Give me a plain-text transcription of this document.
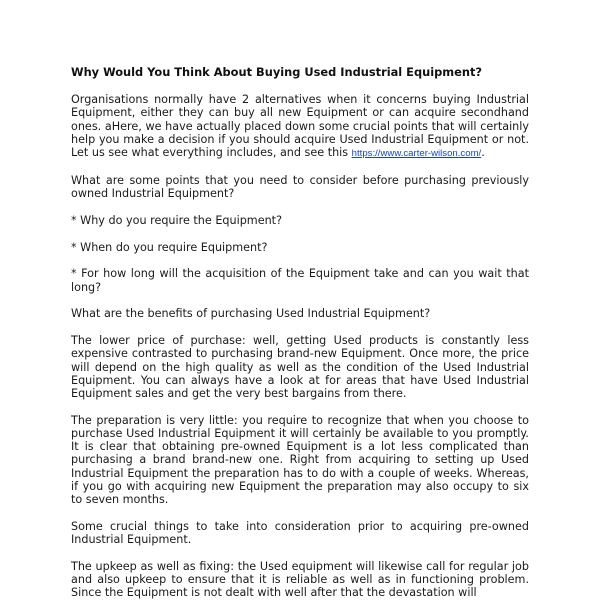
Why Would You Think About Buying Used Industrial Equipment?

Organisations normally have 2 alternatives when it concerns buying Industrial Equipment, either they can buy all new Equipment or can acquire secondhand ones. aHere, we have actually placed down some crucial points that will certainly help you make a decision if you should acquire Used Industrial Equipment or not. Let us see what everything includes, and see this https://www.carter-wilson.com/.

What are some points that you need to consider before purchasing previously owned Industrial Equipment?

* Why do you require the Equipment?

* When do you require Equipment?

* For how long will the acquisition of the Equipment take and can you wait that long?

What are the benefits of purchasing Used Industrial Equipment?

The lower price of purchase: well, getting Used products is constantly less expensive contrasted to purchasing brand-new Equipment. Once more, the price will depend on the high quality as well as the condition of the Used Industrial Equipment. You can always have a look at for areas that have Used Industrial Equipment sales and get the very best bargains from there.

The preparation is very little: you require to recognize that when you choose to purchase Used Industrial Equipment it will certainly be available to you promptly. It is clear that obtaining pre-owned Equipment is a lot less complicated than purchasing a brand brand-new one. Right from acquiring to setting up Used Industrial Equipment the preparation has to do with a couple of weeks. Whereas, if you go with acquiring new Equipment the preparation may also occupy to six to seven months.

Some crucial things to take into consideration prior to acquiring pre-owned Industrial Equipment.

The upkeep as well as fixing: the Used equipment will likewise call for regular job and also upkeep to ensure that it is reliable as well as in functioning problem. Since the Equipment is not dealt with well after that the devastation will
